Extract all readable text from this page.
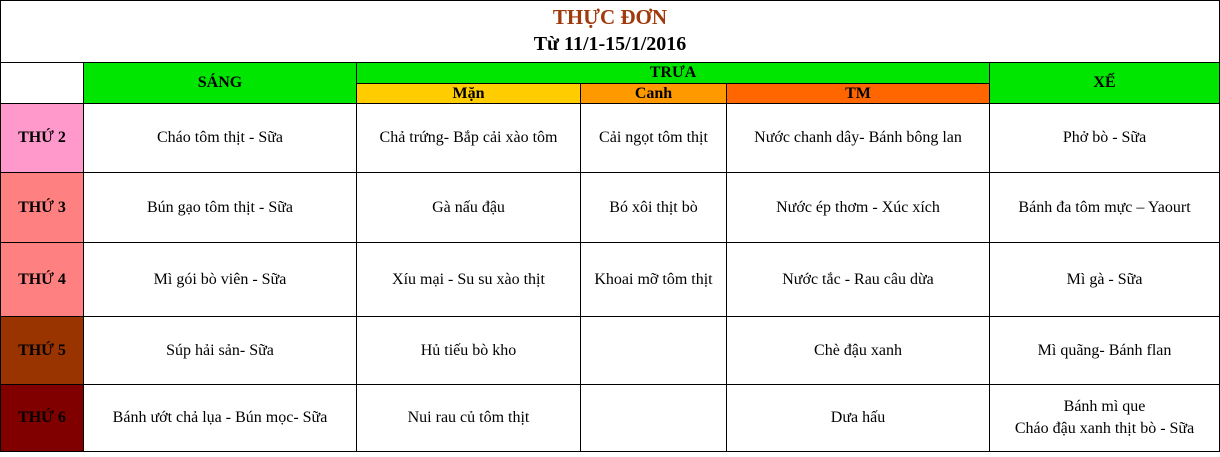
THỰC ĐƠN
Từ 11/1-15/1/2016
	SÁNG	TRƯA			XẾ
		Mặn	Canh	TM	
THỨ 2	Cháo tôm thịt - Sữa	Chả trứng- Bắp cải xào tôm	Cải ngọt tôm thịt	Nước chanh dây- Bánh bông lan	Phở bò - Sữa
THỨ 3	Bún gạo tôm thịt - Sữa	Gà nấu đậu	Bó xôi thịt bò	Nước ép thơm - Xúc xích	Bánh đa tôm mực – Yaourt
THỨ 4	Mì gói bò viên - Sữa	Xíu mại - Su su xào thịt	Khoai mỡ tôm thịt	Nước tắc - Rau câu dừa	Mì gà - Sữa
THỨ 5	Súp hải sản- Sữa	Hủ tiếu bò kho		Chè đậu xanh	Mì quãng- Bánh flan
THỨ 6	Bánh ướt chả lụa - Bún mọc- Sữa	Nui rau củ tôm thịt		Dưa hấu	Bánh mì que
Cháo đậu xanh thịt bò - Sữa
